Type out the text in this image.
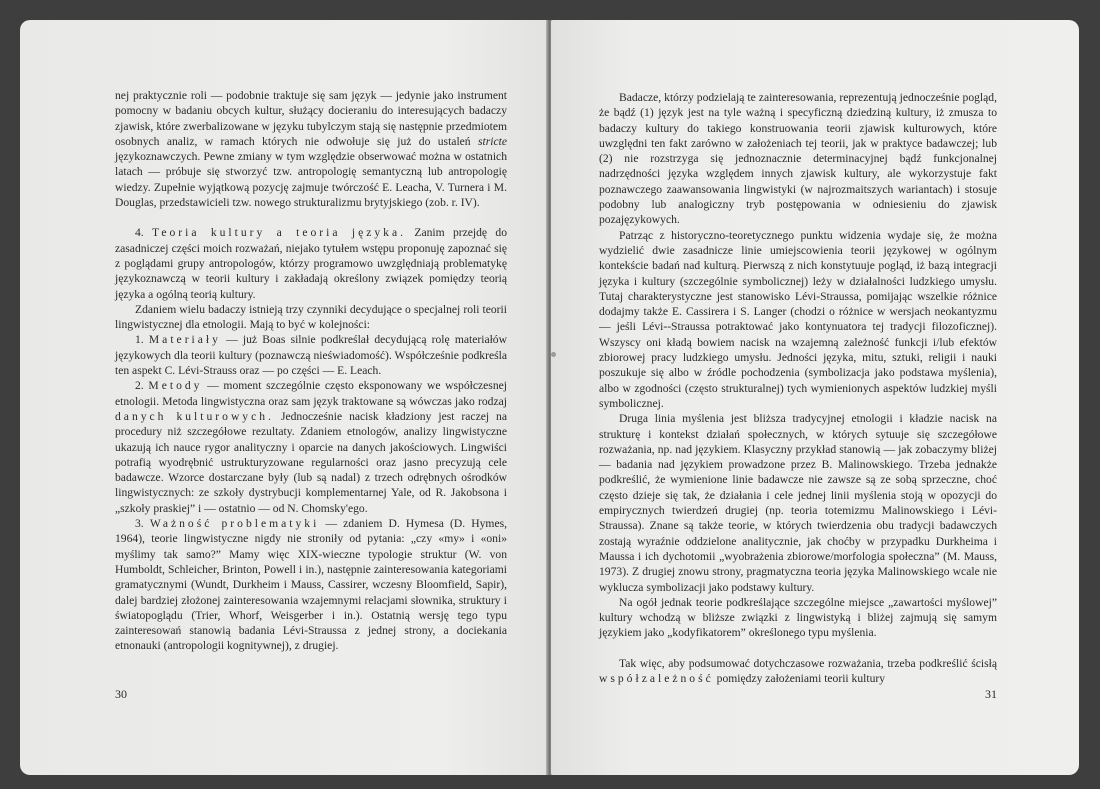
nej praktycznie roli — podobnie traktuje się sam język — jedynie jako instrument pomocny w badaniu obcych kultur, służący docieraniu do interesujących badaczy zjawisk, które zwerbalizowane w języku tubylczym stają się następnie przedmiotem osobnych analiz, w ramach których nie odwołuje się już do ustaleń stricte językoznawczych. Pewne zmiany w tym względzie obserwować można w ostatnich latach — próbuje się stworzyć tzw. antropologię semantyczną lub antropologię wiedzy. Zupełnie wyjątkową pozycję zajmuje twórczość E. Leacha, V. Turnera i M. Douglas, przedstawicieli tzw. nowego strukturalizmu brytyjskiego (zob. r. IV).

4. Teoria kultury a teoria języka. Zanim przejdę do zasadniczej części moich rozważań, niejako tytułem wstępu proponuję zapoznać się z poglądami grupy antropologów, którzy programowo uwzględniają problematykę językoznawczą w teorii kultury i zakładają określony związek pomiędzy teorią języka a ogólną teorią kultury.

Zdaniem wielu badaczy istnieją trzy czynniki decydujące o specjalnej roli teorii lingwistycznej dla etnologii. Mają to być w kolejności:

1. Materiały — już Boas silnie podkreślał decydującą rolę materiałów językowych dla teorii kultury (poznawczą nieświadomość). Współcześnie podkreśla ten aspekt C. Lévi-Strauss oraz — po części — E. Leach.

2. Metody — moment szczególnie często eksponowany we współczesnej etnologii. Metoda lingwistyczna oraz sam język traktowane są wówczas jako rodzaj danych kulturowych. Jednocześnie nacisk kładziony jest raczej na procedury niż szczegółowe rezultaty. Zdaniem etnologów, analizy lingwistyczne ukazują ich nauce rygor analityczny i oparcie na danych jakościowych. Lingwiści potrafią wyodrębnić ustrukturyzowane regularności oraz jasno precyzują cele badawcze. Wzorce dostarczane były (lub są nadal) z trzech odrębnych ośrodków lingwistycznych: ze szkoły dystrybucji komplementarnej Yale, od R. Jakobsona i „szkoły praskiej” i — ostatnio — od N. Chomsky'ego.

3. Ważność problematyki — zdaniem D. Hymesa (D. Hymes, 1964), teorie lingwistyczne nigdy nie stroniły od pytania: „czy «my» i «oni» myślimy tak samo?” Mamy więc XIX-wieczne typologie struktur (W. von Humboldt, Schleicher, Brinton, Powell i in.), następnie zainteresowania kategoriami gramatycznymi (Wundt, Durkheim i Mauss, Cassirer, wczesny Bloomfield, Sapir), dalej bardziej złożonej zainteresowania wzajemnymi relacjami słownika, struktury i światopoglądu (Trier, Whorf, Weisgerber i in.). Ostatnią wersję tego typu zainteresowań stanowią badania Lévi-Straussa z jednej strony, a dociekania etnonauki (antropologii kognitywnej), z drugiej.

30

Badacze, którzy podzielają te zainteresowania, reprezentują jednocześnie pogląd, że bądź (1) język jest na tyle ważną i specyficzną dziedziną kultury, iż zmusza to badaczy kultury do takiego konstruowania teorii zjawisk kulturowych, które uwzględni ten fakt zarówno w założeniach tej teorii, jak w praktyce badawczej; lub (2) nie rozstrzyga się jednoznacznie determinacyjnej bądź funkcjonalnej nadrzędności języka względem innych zjawisk kultury, ale wykorzystuje fakt poznawczego zaawansowania lingwistyki (w najrozmaitszych wariantach) i stosuje podobny lub analogiczny tryb postępowania w odniesieniu do zjawisk pozajęzykowych.

Patrząc z historyczno-teoretycznego punktu widzenia wydaje się, że można wydzielić dwie zasadnicze linie umiejscowienia teorii językowej w ogólnym kontekście badań nad kulturą. Pierwszą z nich konstytuuje pogląd, iż bazą integracji języka i kultury (szczególnie symbolicznej) leży w działalności ludzkiego umysłu. Tutaj charakterystyczne jest stanowisko Lévi-Straussa, pomijając wszelkie różnice dodajmy także E. Cassirera i S. Langer (chodzi o różnice w wersjach neokantyzmu — jeśli Lévi--Straussa potraktować jako kontynuatora tej tradycji filozoficznej). Wszyscy oni kładą bowiem nacisk na wzajemną zależność funkcji i/lub efektów zbiorowej pracy ludzkiego umysłu. Jedności języka, mitu, sztuki, religii i nauki poszukuje się albo w źródle pochodzenia (symbolizacja jako podstawa myślenia), albo w zgodności (często strukturalnej) tych wymienionych aspektów ludzkiej myśli symbolicznej.

Druga linia myślenia jest bliższa tradycyjnej etnologii i kładzie nacisk na strukturę i kontekst działań społecznych, w których sytuuje się szczegółowe rozważania, np. nad językiem. Klasyczny przykład stanowią — jak zobaczymy bliżej — badania nad językiem prowadzone przez B. Malinowskiego. Trzeba jednakże podkreślić, że wymienione linie badawcze nie zawsze są ze sobą sprzeczne, choć często dzieje się tak, że działania i cele jednej linii myślenia stoją w opozycji do empirycznych twierdzeń drugiej (np. teoria totemizmu Malinowskiego i Lévi-Straussa). Znane są także teorie, w których twierdzenia obu tradycji badawczych zostają wyraźnie oddzielone analitycznie, jak choćby w przypadku Durkheima i Maussa i ich dychotomii „wyobrażenia zbiorowe/morfologia społeczna” (M. Mauss, 1973). Z drugiej znowu strony, pragmatyczna teoria języka Malinowskiego wcale nie wyklucza symbolizacji jako podstawy kultury.

Na ogół jednak teorie podkreślające szczególne miejsce „zawartości myślowej” kultury wchodzą w bliższe związki z lingwistyką i bliżej zajmują się samym językiem jako „kodyfikatorem” określonego typu myślenia.

Tak więc, aby podsumować dotychczasowe rozważania, trzeba podkreślić ścisłą współzależność pomiędzy założeniami teorii kultury

31
